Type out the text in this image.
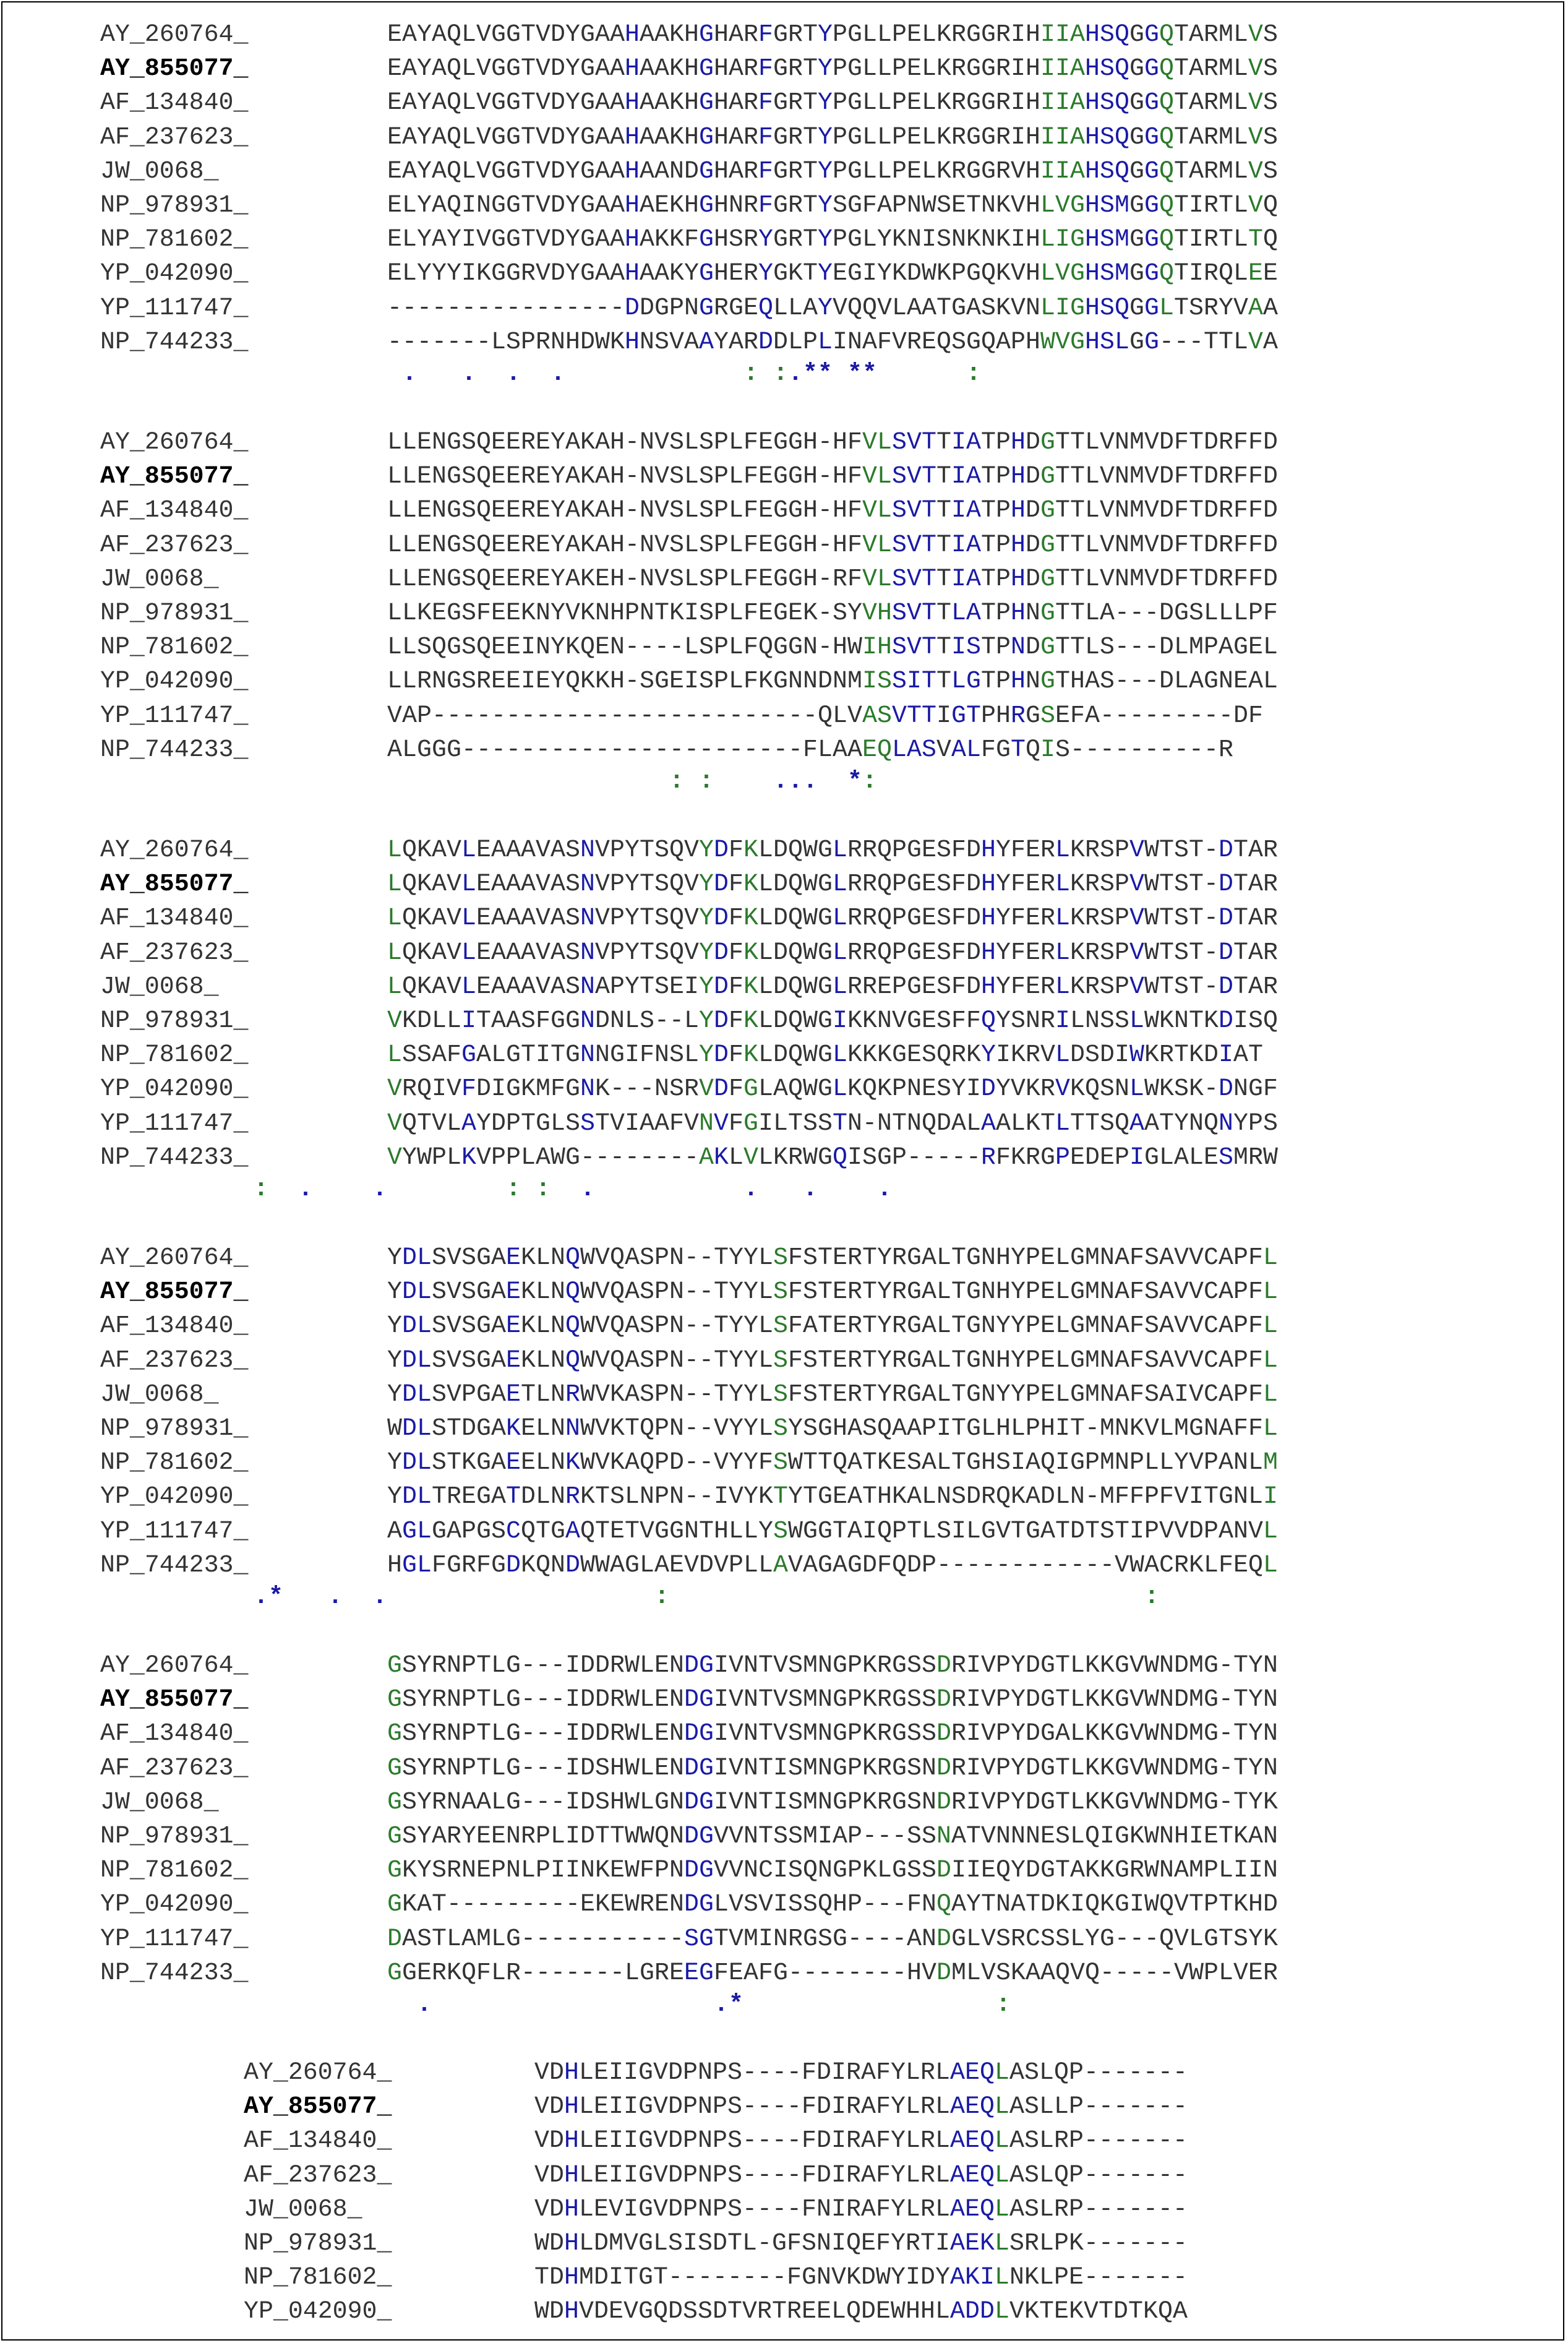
AY_260764_	EAYAQLVGGTVDYGAAHAAKHGHARFGRTYPGLLPELKRGGRIHIIAHSQGGQTARMLVS
AY_855077_	EAYAQLVGGTVDYGAAHAAKHGHARFGRTYPGLLPELKRGGRIHIIAHSQGGQTARMLVS
AF_134840_	EAYAQLVGGTVDYGAAHAAKHGHARFGRTYPGLLPELKRGGRIHIIAHSQGGQTARMLVS
AF_237623_	EAYAQLVGGTVDYGAAHAAKHGHARFGRTYPGLLPELKRGGRIHIIAHSQGGQTARMLVS
JW_0068_	EAYAQLVGGTVDYGAAHAANDGHARFGRTYPGLLPELKRGGRVHIIAHSQGGQTARMLVS
NP_978931_	ELYAQINGGTVDYGAAHAEKHGHNRFGRTYSGFAPNWSETNKVHLVGHSMGGQTIRTLVQ
NP_781602_	ELYAYIVGGTVDYGAAHAKKFGHSRYGRTYPGLYKNISNKNKIHLIGHSMGGQTIRTLTQ
YP_042090_	ELYYYIKGGRVDYGAAHAAKYGHERYGKTYEGIYKDWKPGQKVHLVGHSMGGQTIRQLEE
YP_111747_	----------------DDGPNGRGEQLLAYVQQVLAATGASKVNLIGHSQGGLTSRYVAA
NP_744233_	-------LSPRNHDWKHNSVAAYARDDLPLINAFVREQSGQAPHWVGHSLGG---TTLVA
. . . .	: :.** **	:
AY_260764_	LLENGSQEEREYAKAH-NVSLSPLFEGGH-HFVLSVTTIATPHDGTTLVNMVDFTDRFFD
AY_855077_	LLENGSQEEREYAKAH-NVSLSPLFEGGH-HFVLSVTTIATPHDGTTLVNMVDFTDRFFD
AF_134840_	LLENGSQEEREYAKAH-NVSLSPLFEGGH-HFVLSVTTIATPHDGTTLVNMVDFTDRFFD
AF_237623_	LLENGSQEEREYAKAH-NVSLSPLFEGGH-HFVLSVTTIATPHDGTTLVNMVDFTDRFFD
JW_0068_	LLENGSQEEREYAKEH-NVSLSPLFEGGH-RFVLSVTTIATPHDGTTLVNMVDFTDRFFD
NP_978931_	LLKEGSFEEKNYVKNHPNTKISPLFEGEK-SYVHSVTTLATPHNGTTLA---DGSLLLPF
NP_781602_	LLSQGSQEEINYKQEN----LSPLFQGGN-HWIHSVTTISTPNDGTTLS---DLMPAGEL
YP_042090_	LLRNGSREEIEYQKKH-SGEISPLFKGNNDNMISSITTLGTPHNGTHAS---DLAGNEAL
YP_111747_	VAP--------------------------QLVASVTTIGTPHRGSEFA---------DF
NP_744233_	ALGGG-----------------------FLAAEQLASVALFGTQIS----------R
: : ... *:
AY_260764_	LQKAVLEAAAVASNVPYTSQVYDFKLDQWGLRRQPGESFDHYFERLKRSPVWTST-DTAR
AY_855077_	LQKAVLEAAAVASNVPYTSQVYDFKLDQWGLRRQPGESFDHYFERLKRSPVWTST-DTAR
AF_134840_	LQKAVLEAAAVASNVPYTSQVYDFKLDQWGLRRQPGESFDHYFERLKRSPVWTST-DTAR
AF_237623_	LQKAVLEAAAVASNVPYTSQVYDFKLDQWGLRRQPGESFDHYFERLKRSPVWTST-DTAR
JW_0068_	LQKAVLEAAAVASNAPYTSEIYDFKLDQWGLRREPGESFDHYFERLKRSPVWTST-DTAR
NP_978931_	VKDLLITAASFGGNDNLS--LYDFKLDQWGIKKNVGESFFQYSNRILNSSLWKNTKDISQ
NP_781602_	LSSAFGALGTITGNNGIFNSLYDFKLDQWGLKKKGESQRKYIKRVLDSDIWKRTKDIAT
YP_042090_	VRQIVFDIGKMFGNK---NSRVDFGLAQWGLKQKPNESYIDYVKRVKQSNLWKSK-DNGF
YP_111747_	VQTVLAYDPTGLSSTVIAAFVNVFGILTSSTN-NTNQDALAALKTLTTSQAATYNQNYPS
NP_744233_	VYWPLKVPPLAWG--------AKLVLKRWGQISGP-----RFKRGPEDEPIGLALESMRW
: . .	: : .	. . .
AY_260764_	YDLSVSGAEKLNQWVQASPN--TYYLSFSTERTYRGALTGNHYPELGMNAFSAVVCAPFL
AY_855077_	YDLSVSGAEKLNQWVQASPN--TYYLSFSTERTYRGALTGNHYPELGMNAFSAVVCAPFL
AF_134840_	YDLSVSGAEKLNQWVQASPN--TYYLSFATERTYRGALTGNYYPELGMNAFSAVVCAPFL
AF_237623_	YDLSVSGAEKLNQWVQASPN--TYYLSFSTERTYRGALTGNHYPELGMNAFSAVVCAPFL
JW_0068_	YDLSVPGAETLNRWVKASPN--TYYLSFSTERTYRGALTGNYYPELGMNAFSAIVCAPFL
NP_978931_	WDLSTDGAKELNNWVKTQPN--VYYLSYSGHASQAAPITGLHLPHIT-MNKVLMGNAFFL
NP_781602_	YDLSTKGAEELNKWVKAQPD--VYYFSWTTQATKESALTGHSIAQIGPMNPLLYVPANLM
YP_042090_	YDLTREGATDLNRKTSLNPN--IVYKTYTGEATHKALNSDRQKADLN-MFFPFVITGNLI
YP_111747_	AGLGAPGSCQTGAQTETVGGNTHLLYSWGGTAIQPTLSILGVTGATDTSTIPVVDPANVL
NP_744233_	HGLFGRFGDKQNDWWAGLAEVDVPLLAVAGAGDFQDP------------VWACRKLFEQL
.* . .	:	:
AY_260764_	GSYRNPTLG---IDDRWLENDGIVNTVSMNGPKRGSSDRIVPYDGTLKKGVWNDMG-TYN
AY_855077_	GSYRNPTLG---IDDRWLENDGIVNTVSMNGPKRGSSDRIVPYDGTLKKGVWNDMG-TYN
AF_134840_	GSYRNPTLG---IDDRWLENDGIVNTVSMNGPKRGSSDRIVPYDGALKKGVWNDMG-TYN
AF_237623_	GSYRNPTLG---IDSHWLENDGIVNTISMNGPKRGSNDRIVPYDGTLKKGVWNDMG-TYN
JW_0068_	GSYRNAALG---IDSHWLGNDGIVNTISMNGPKRGSNDRIVPYDGTLKKGVWNDMG-TYK
NP_978931_	GSYARYEENRPLIDTTWWQNDGVVNTSSMIAP---SSNATVNNNESLQIGKWNHIETKAN
NP_781602_	GKYSRNEPNLPIINKEWFPNDGVVNCISQNGPKLGSSDIIEQYDGTAKKGRWNAMPLIIN
YP_042090_	GKAT---------EKEWRENDGLVSVISSQHP---FNQAYTNATDKIQKGIWQVTPTKHD
YP_111747_	DASTLAMLG-----------SGTVMINRGSG----ANDGLVSRCSSLYG---QVLGTSYK
NP_744233_	GGERKQFLR-------LGREEGFEAFG--------HVDMLVSKAAQVQ-----VWPLVER
.	.*	:
AY_260764_	VDHLEIIGVDPNPS----FDIRAFYLRLAEQLASLQP-------
AY_855077_	VDHLEIIGVDPNPS----FDIRAFYLRLAEQLASLLP-------
AF_134840_	VDHLEIIGVDPNPS----FDIRAFYLRLAEQLASLRP-------
AF_237623_	VDHLEIIGVDPNPS----FDIRAFYLRLAEQLASLQP-------
JW_0068_	VDHLEVIGVDPNPS----FNIRAFYLRLAEQLASLRP-------
NP_978931_	WDHLDMVGLSISDTL-GFSNIQEFYRTIAEKLSRLPK-------
NP_781602_	TDHMDITGT--------FGNVKDWYIDYAKILNKLPE-------
YP_042090_	WDHVDEVGQDSSDTVRTREELQDEWHHLADDLVKTEKVTDTKQA
